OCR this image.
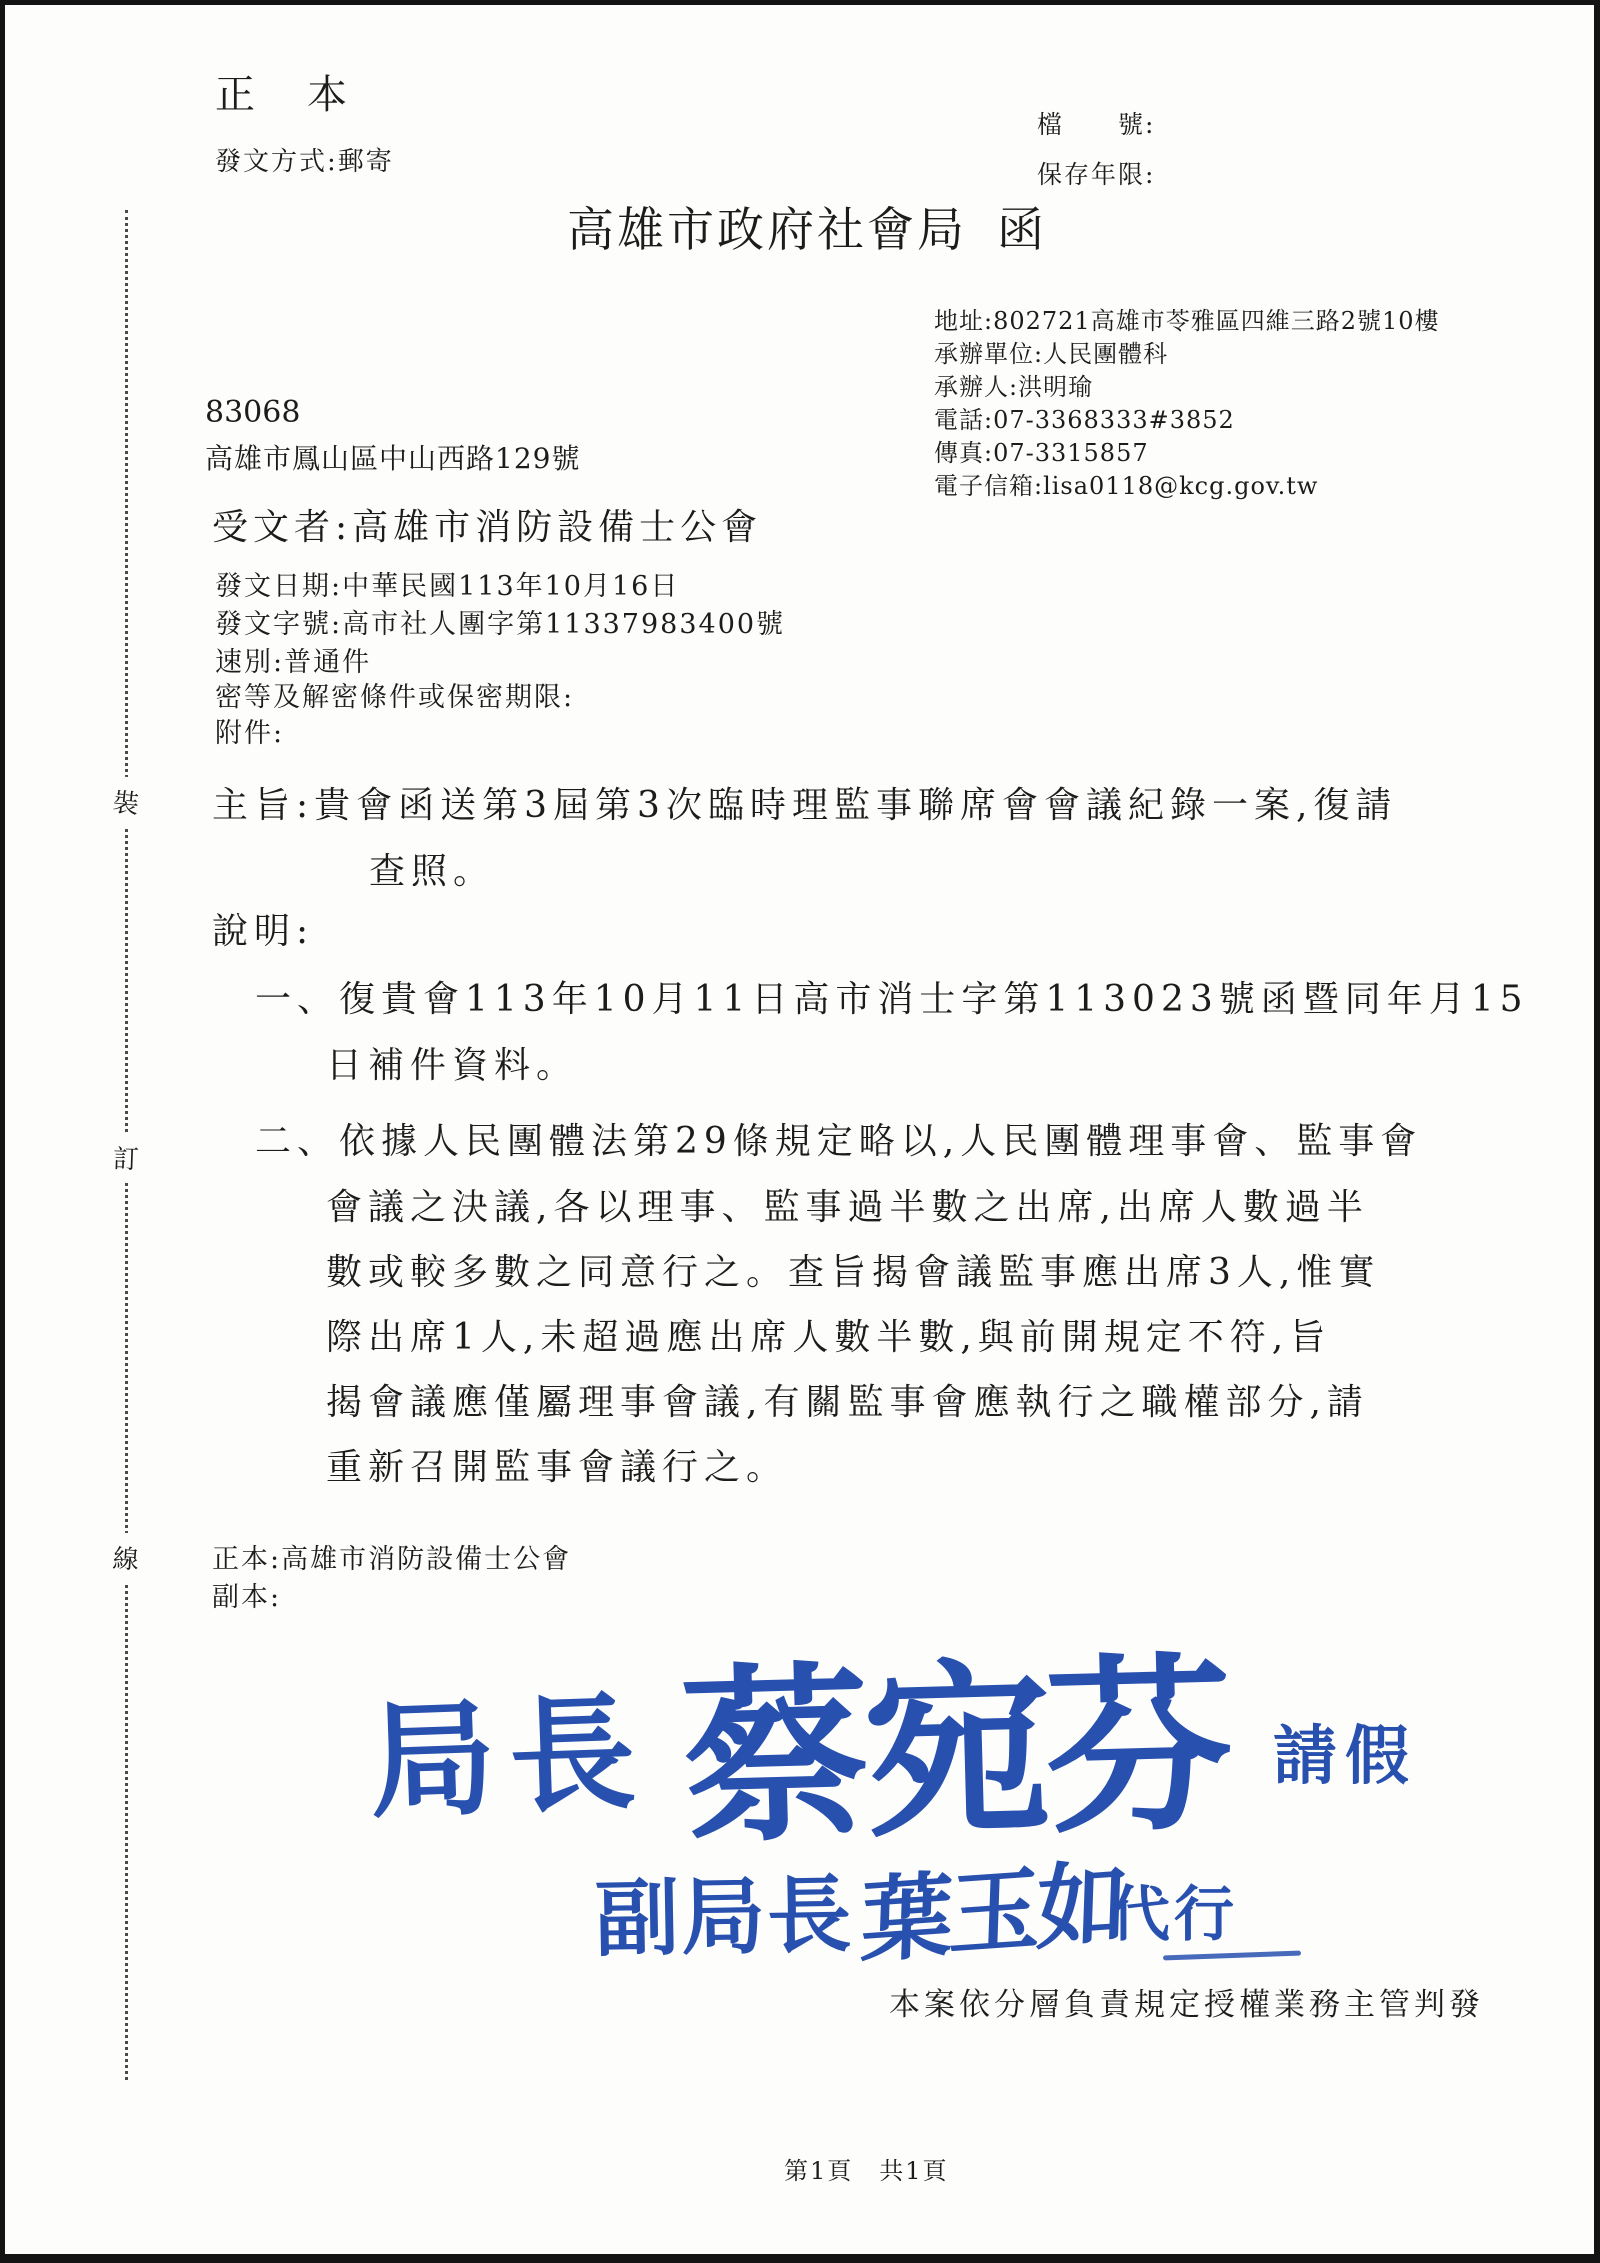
正　本
發文方式:郵寄
檔　　號:
保存年限:
高雄市政府社會局 函
地址:802721高雄市苓雅區四維三路2號10樓
承辦單位:人民團體科
承辦人:洪明瑜
電話:07-3368333#3852
傳真:07-3315857
電子信箱:lisa0118@kcg.gov.tw
83068
高雄市鳳山區中山西路129號
受文者:高雄市消防設備士公會
發文日期:中華民國113年10月16日
發文字號:高市社人團字第11337983400號
速別:普通件
密等及解密條件或保密期限:
附件:
主旨:貴會函送第3屆第3次臨時理監事聯席會會議紀錄一案,復請
查照。
說明:
一、復貴會113年10月11日高市消士字第113023號函暨同年月15
日補件資料。
二、依據人民團體法第29條規定略以,人民團體理事會、監事會
會議之決議,各以理事、監事過半數之出席,出席人數過半
數或較多數之同意行之。查旨揭會議監事應出席3人,惟實
際出席1人,未超過應出席人數半數,與前開規定不符,旨
揭會議應僅屬理事會議,有關監事會應執行之職權部分,請
重新召開監事會議行之。
正本:高雄市消防設備士公會
副本:
局長 蔡宛芬 請假
副局長 葉玉如
代行
本案依分層負責規定授權業務主管判發
第1頁　共1頁
裝
訂
線
